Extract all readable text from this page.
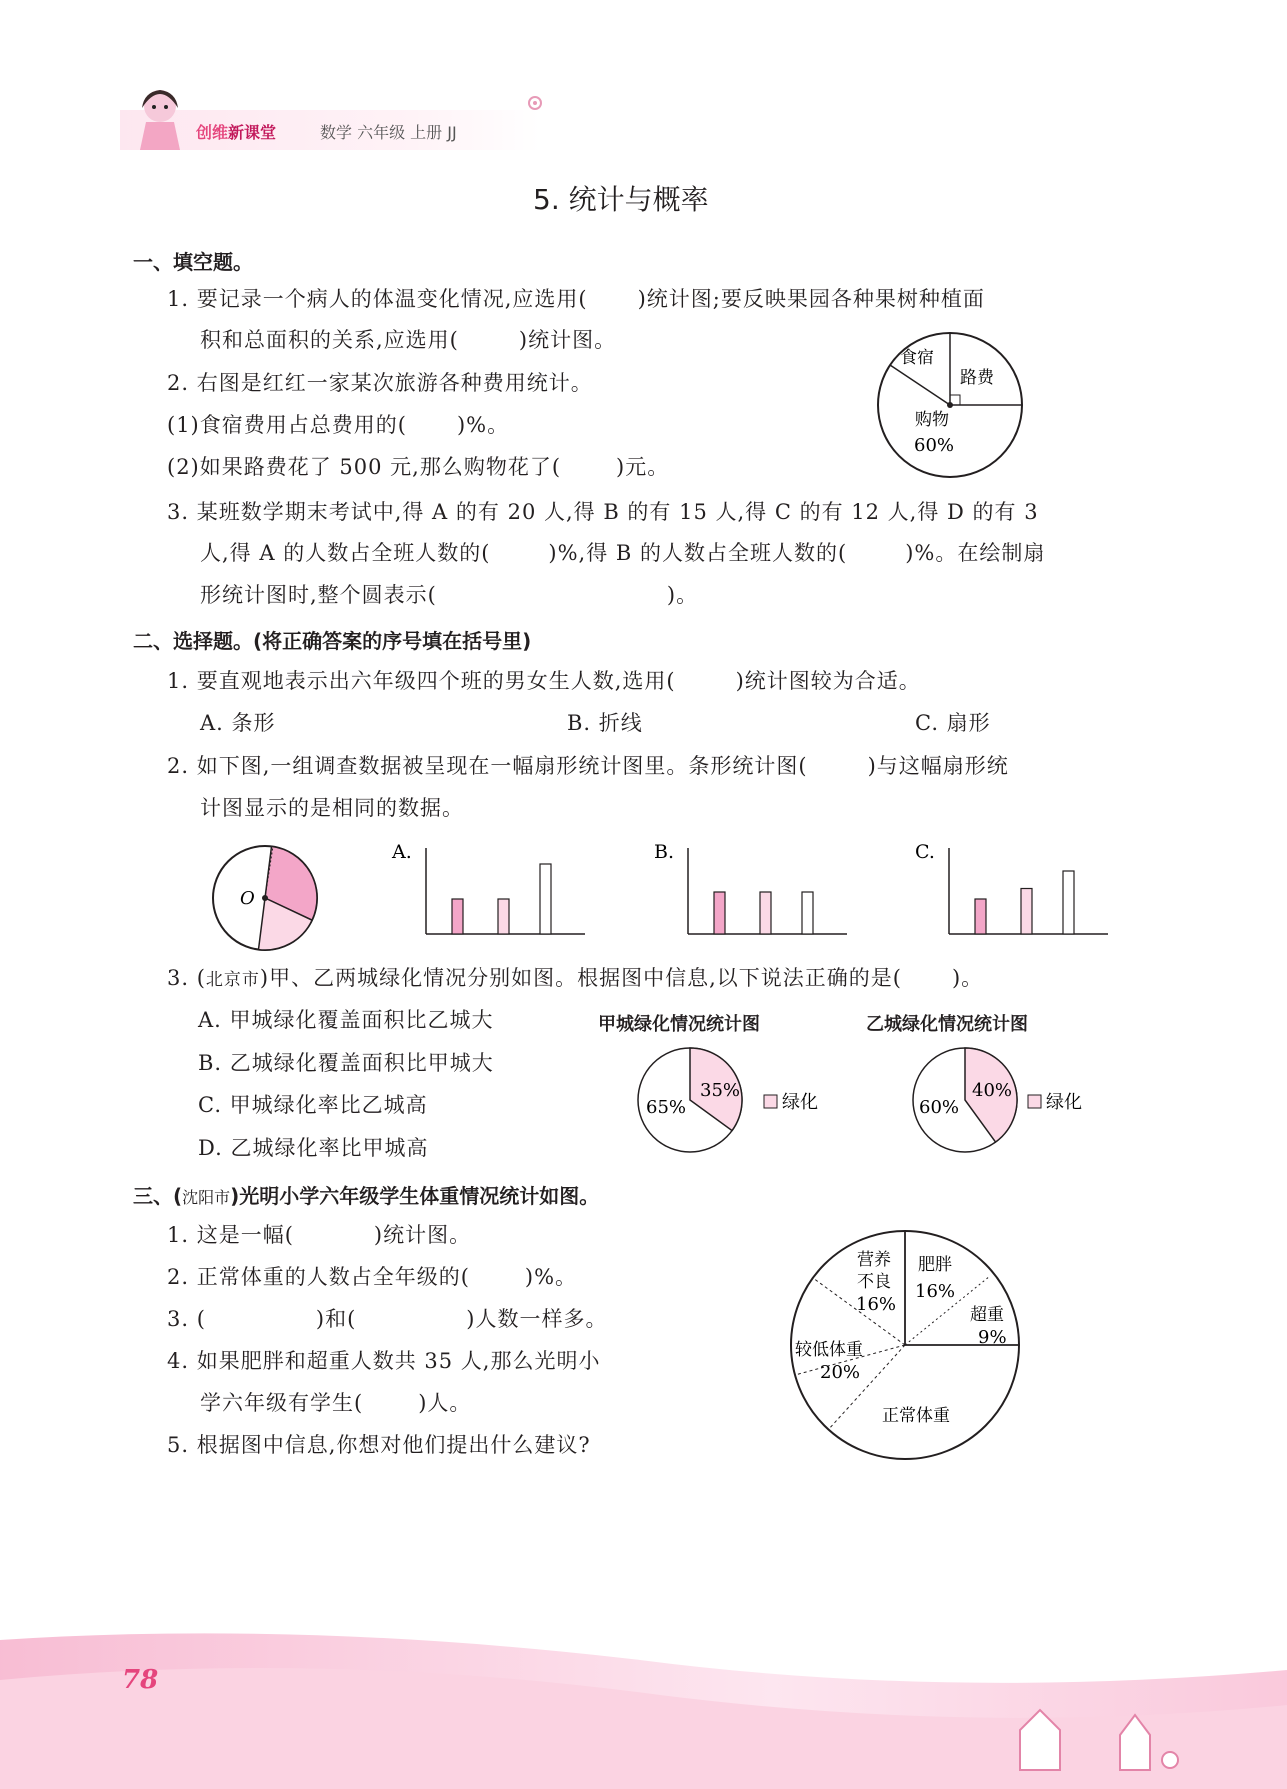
创维新课堂	数学 六年级 上册 JJ
5. 统计与概率
一、填空题。
1. 要记录一个病人的体温变化情况,应选用( )统计图;要反映果园各种果树种植面
积和总面积的关系,应选用(	)统计图。
2. 右图是红红一家某次旅游各种费用统计。
(1)食宿费用占总费用的( )%。
(2)如果路费花了 500 元,那么购物花了(	)元。
食宿
路费
购物
60%
3. 某班数学期末考试中,得 A 的有 20 人,得 B 的有 15 人,得 C 的有 12 人,得 D 的有 3
人,得 A 的人数占全班人数的(	)%,得 B 的人数占全班人数的(	)%。在绘制扇
形统计图时,整个圆表示(	)。
二、选择题。(将正确答案的序号填在括号里)
1. 要直观地表示出六年级四个班的男女生人数,选用(	)统计图较为合适。
A. 条形	B. 折线	C. 扇形
2. 如下图,一组调查数据被呈现在一幅扇形统计图里。条形统计图(	)与这幅扇形统
计图显示的是相同的数据。
O
A.	B.	C.
3. (北京市)甲、乙两城绿化情况分别如图。根据图中信息,以下说法正确的是( )。
A. 甲城绿化覆盖面积比乙城大
B. 乙城绿化覆盖面积比甲城大
C. 甲城绿化率比乙城高
D. 乙城绿化率比甲城高
甲城绿化情况统计图	乙城绿化情况统计图
35%
65%	绿化
40%
60%	绿化
三、(沈阳市)光明小学六年级学生体重情况统计如图。
1. 这是一幅(	)统计图。
2. 正常体重的人数占全年级的(	)%。
3. (	)和(	)人数一样多。
4. 如果肥胖和超重人数共 35 人,那么光明小
学六年级有学生(	)人。
5. 根据图中信息,你想对他们提出什么建议?
营养
不良
16%
肥胖
16%
超重
9%
较低体重
20%
正常体重
78
